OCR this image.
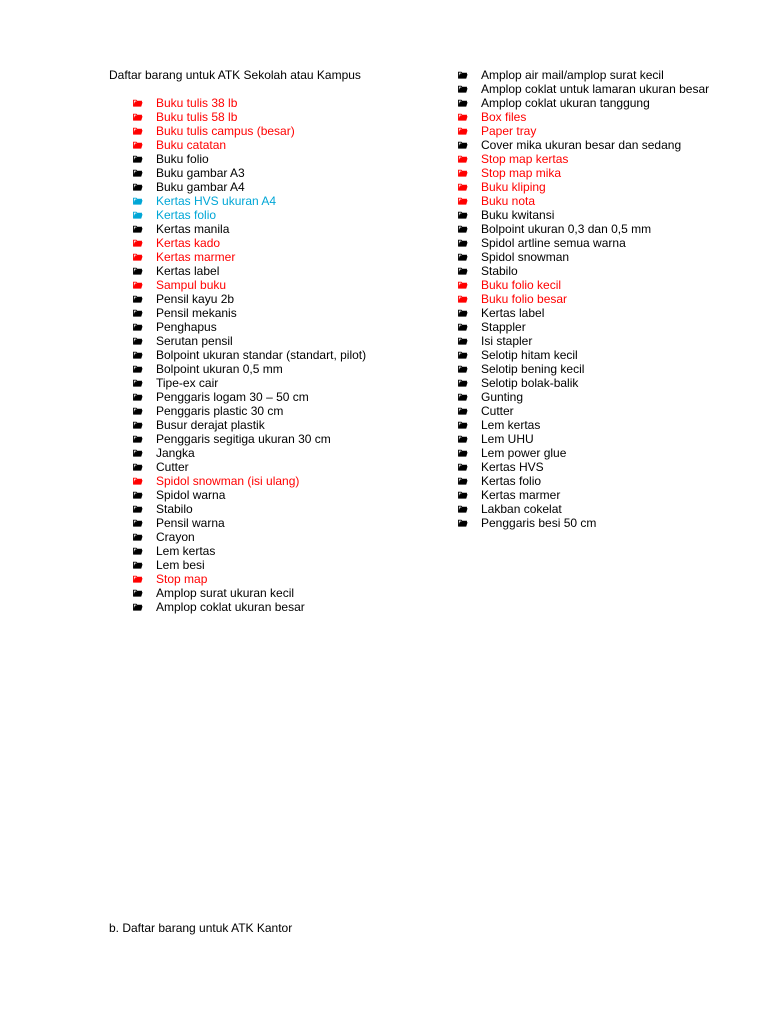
Daftar barang untuk ATK Sekolah atau Kampus
Buku tulis 38 lb
Buku tulis 58 lb
Buku tulis campus (besar)
Buku catatan
Buku folio
Buku gambar A3
Buku gambar A4
Kertas HVS ukuran A4
Kertas folio
Kertas manila
Kertas kado
Kertas marmer
Kertas label
Sampul buku
Pensil kayu 2b
Pensil mekanis
Penghapus
Serutan pensil
Bolpoint ukuran standar (standart, pilot)
Bolpoint ukuran 0,5 mm
Tipe-ex cair
Penggaris logam 30 – 50 cm
Penggaris plastic 30 cm
Busur derajat plastik
Penggaris segitiga ukuran 30 cm
Jangka
Cutter
Spidol snowman (isi ulang)
Spidol warna
Stabilo
Pensil warna
Crayon
Lem kertas
Lem besi
Stop map
Amplop surat ukuran kecil
Amplop coklat ukuran besar
Amplop air mail/amplop surat kecil
Amplop coklat untuk lamaran ukuran besar
Amplop coklat ukuran tanggung
Box files
Paper tray
Cover mika ukuran besar dan sedang
Stop map kertas
Stop map mika
Buku kliping
Buku nota
Buku kwitansi
Bolpoint ukuran 0,3 dan 0,5 mm
Spidol artline semua warna
Spidol snowman
Stabilo
Buku folio kecil
Buku folio besar
Kertas label
Stappler
Isi stapler
Selotip hitam kecil
Selotip bening kecil
Selotip bolak-balik
Gunting
Cutter
Lem kertas
Lem UHU
Lem power glue
Kertas HVS
Kertas folio
Kertas marmer
Lakban cokelat
Penggaris besi 50 cm
b. Daftar barang untuk ATK Kantor
